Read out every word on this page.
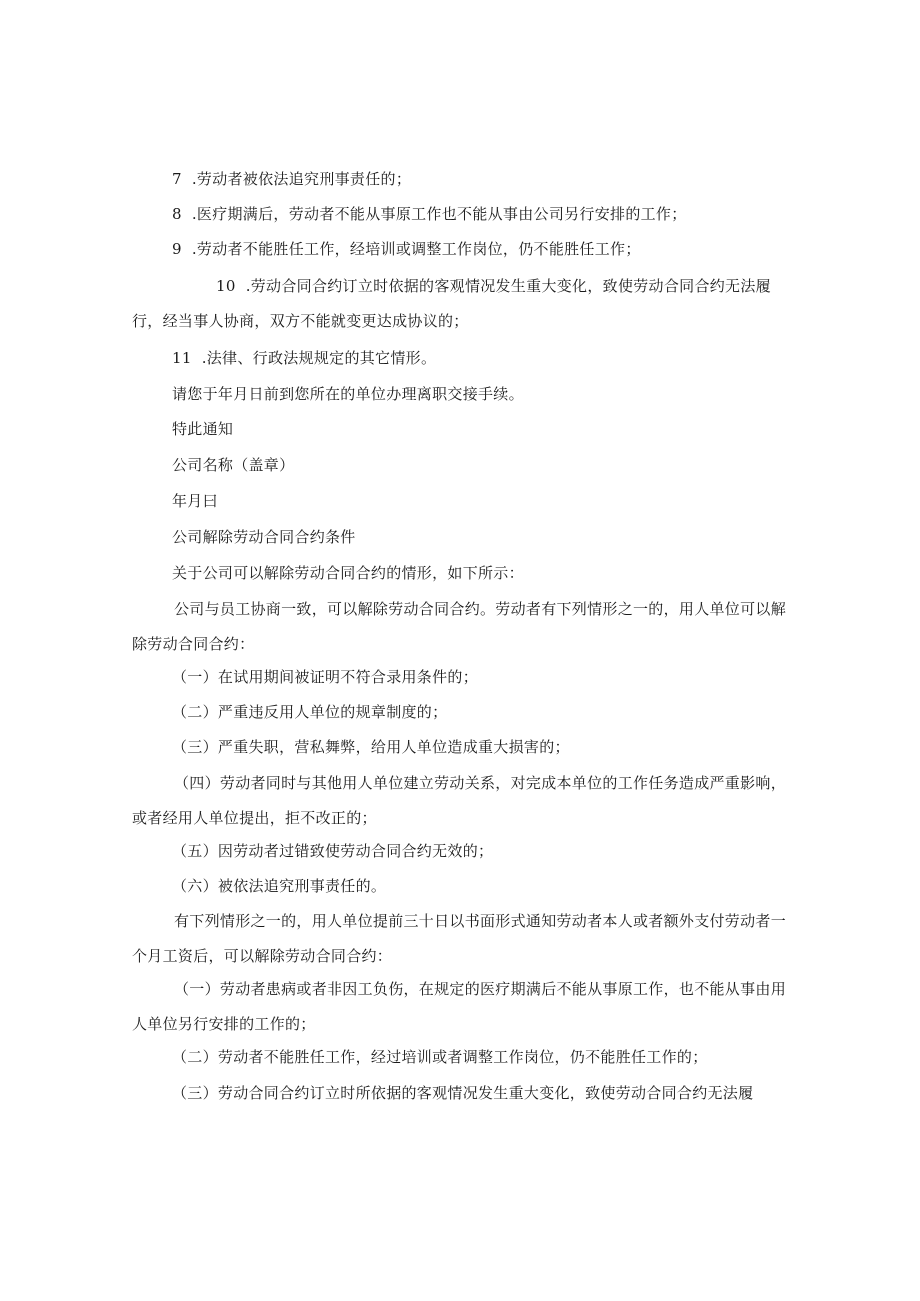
7 .劳动者被依法追究刑事责任的；
8 .医疗期满后，劳动者不能从事原工作也不能从事由公司另行安排的工作；
9 .劳动者不能胜任工作，经培训或调整工作岗位，仍不能胜任工作；
10 .劳动合同合约订立时依据的客观情况发生重大变化，致使劳动合同合约无法履行，经当事人协商，双方不能就变更达成协议的；
11 .法律、行政法规规定的其它情形。
请您于年月日前到您所在的单位办理离职交接手续。
特此通知
公司名称（盖章）
年月曰
公司解除劳动合同合约条件
关于公司可以解除劳动合同合约的情形，如下所示：
公司与员工协商一致，可以解除劳动合同合约。劳动者有下列情形之一的，用人单位可以解除劳动合同合约：
（一）在试用期间被证明不符合录用条件的；
（二）严重违反用人单位的规章制度的；
（三）严重失职，营私舞弊，给用人单位造成重大损害的；
（四）劳动者同时与其他用人单位建立劳动关系，对完成本单位的工作任务造成严重影响，或者经用人单位提出，拒不改正的；
（五）因劳动者过错致使劳动合同合约无效的；
（六）被依法追究刑事责任的。
有下列情形之一的，用人单位提前三十日以书面形式通知劳动者本人或者额外支付劳动者一个月工资后，可以解除劳动合同合约：
（一）劳动者患病或者非因工负伤，在规定的医疗期满后不能从事原工作，也不能从事由用人单位另行安排的工作的；
（二）劳动者不能胜任工作，经过培训或者调整工作岗位，仍不能胜任工作的；
（三）劳动合同合约订立时所依据的客观情况发生重大变化，致使劳动合同合约无法履
